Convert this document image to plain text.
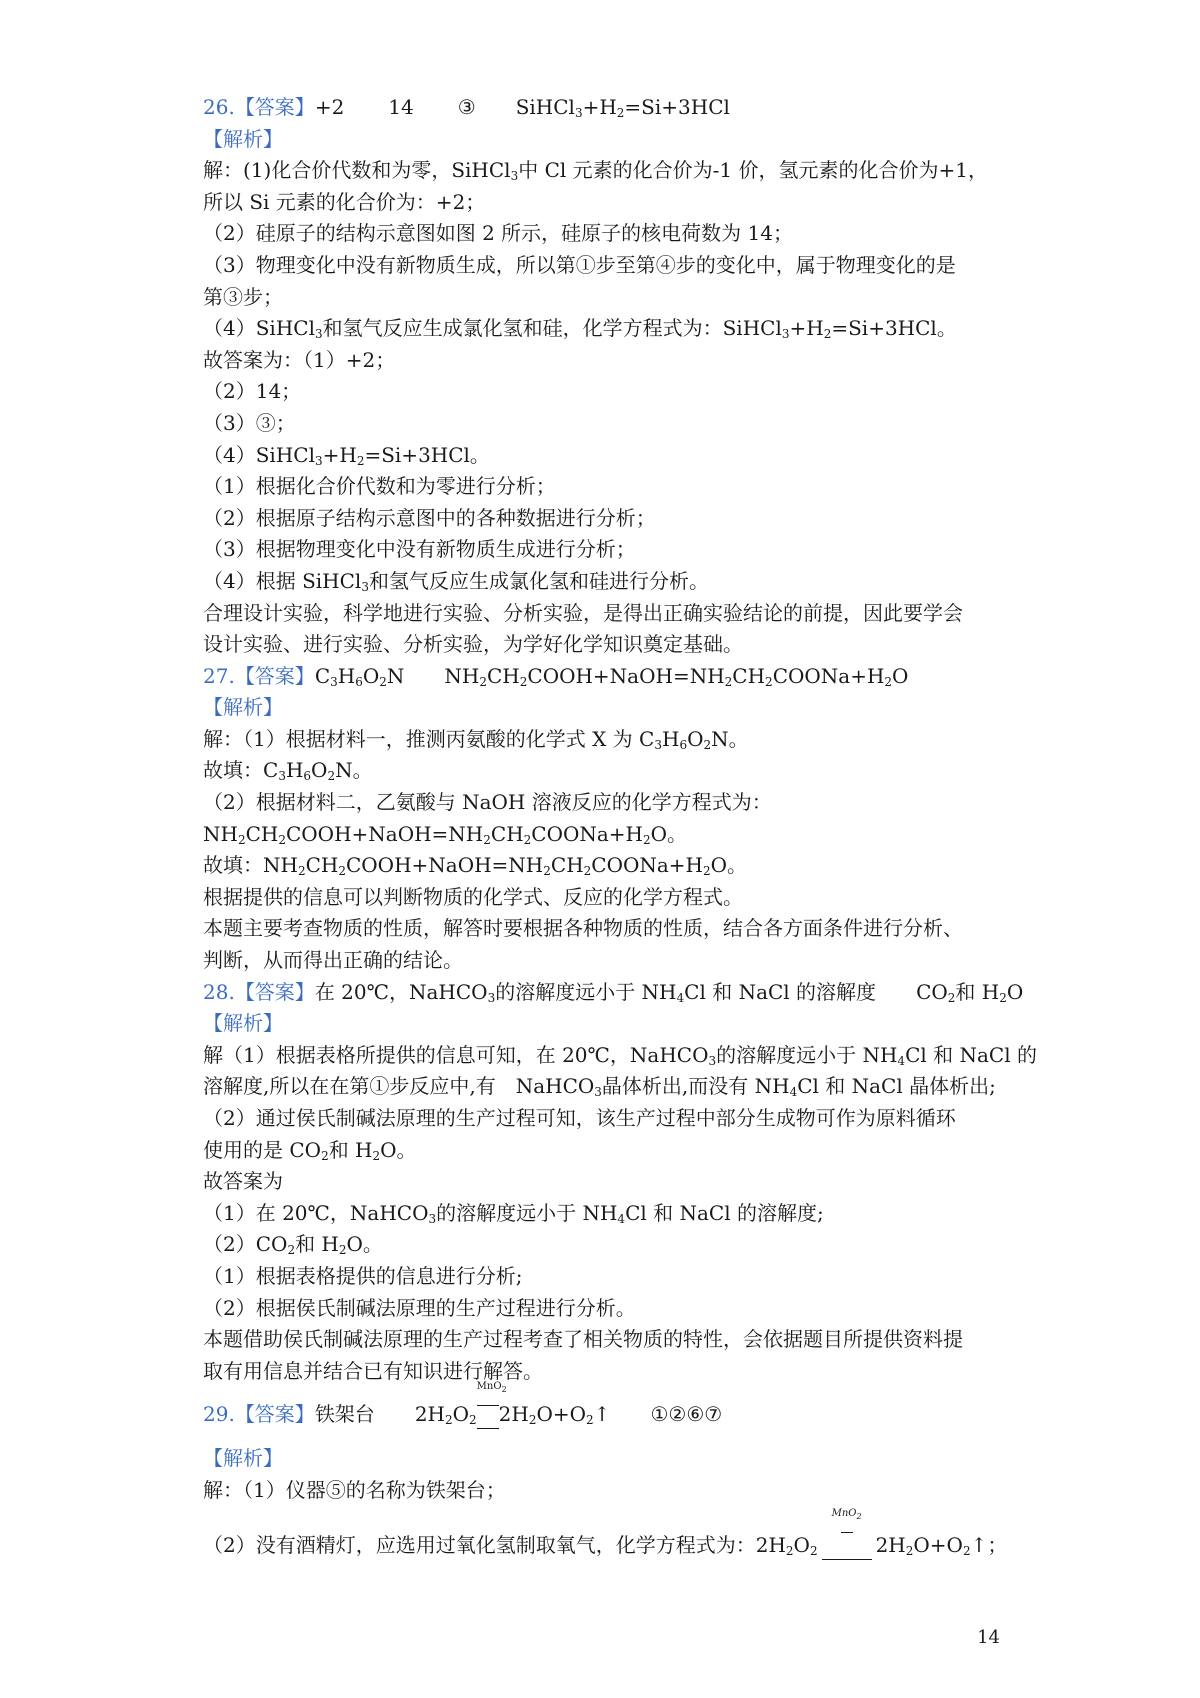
26.【答案】+2 14 ③ $SiHCl_3+H_2=Si+3HCl$
【解析】
解：(1)化合价代数和为零，SiHCl$_3$中 Cl 元素的化合价为-1 价，氢元素的化合价为+1，
所以 Si 元素的化合价为：+2；
（2）硅原子的结构示意图如图 2 所示，硅原子的核电荷数为 14；
（3）物理变化中没有新物质生成，所以第①步至第④步的变化中，属于物理变化的是
第③步；
（4）SiHCl$_3$和氢气反应生成氯化氢和硅，化学方程式为：$SiHCl_3+H_2=Si+3HCl$。
故答案为：（1）+2；
（2）14；
（3）③；
$(4)SiHCl_3+H_2=Si+3HCl$。
（1）根据化合价代数和为零进行分析；
（2）根据原子结构示意图中的各种数据进行分析；
（3）根据物理变化中没有新物质生成进行分析；
（4）根据 SiHCl$_3$和氢气反应生成氯化氢和硅进行分析。
合理设计实验，科学地进行实验、分析实验，是得出正确实验结论的前提，因此要学会
设计实验、进行实验、分析实验，为学好化学知识奠定基础。
27.【答案】$C_3H_6O_2N$ $NH_2CH_2COOH+NaOH=NH_2CH_2COONa+H_2O$
【解析】
解：（1）根据材料一，推测丙氨酸的化学式 X 为 $C_3H_6O_2N$。
故填：$C_3H_6O_2N$。
（2）根据材料二，乙氨酸与 NaOH 溶液反应的化学方程式为：
$NH_2CH_2COOH+NaOH=NH_2CH_2COONa+H_2O$。
故填：$NH_2CH_2COOH+NaOH=NH_2CH_2COONa+H_2O$。
根据提供的信息可以判断物质的化学式、反应的化学方程式。
本题主要考查物质的性质，解答时要根据各种物质的性质，结合各方面条件进行分析、
判断，从而得出正确的结论。
28.【答案】在 20℃，NaHCO$_3$的溶解度远小于 $NH_4Cl$ 和 NaCl 的溶解度 $CO_2$和 $H_2O$
【解析】
解（1）根据表格所提供的信息可知，在 20℃，NaHCO$_3$的溶解度远小于 $NH_4Cl$ 和 NaCl 的
溶解度,所以在在第①步反应中,有　NaHCO$_3$晶体析出,而没有 $NH_4Cl$ 和 NaCl 晶体析出;
（2）通过侯氏制碱法原理的生产过程可知，该生产过程中部分生成物可作为原料循环
使用的是 $CO_2$和 $H_2O$。
故答案为
（1）在 20℃，NaHCO$_3$的溶解度远小于 $NH_4Cl$ 和 NaCl 的溶解度;
$(2)CO_2$和 $H_2O$。
（1）根据表格提供的信息进行分析;
（2）根据侯氏制碱法原理的生产过程进行分析。
本题借助侯氏制碱法原理的生产过程考查了相关物质的特性，会依据题目所提供资料提
取有用信息并结合已有知识进行解答。
29.【答案】铁架台 $2H_2O_2$
MnO$_2$
$2H_2O+O_2↑$ ①②⑥⑦
【解析】
解：（1）仪器⑤的名称为铁架台；
（2）没有酒精灯，应选用过氧化氢制取氧气，化学方程式为：$2H_2O_2$
MnO$_2$
$2H_2O+O_2↑$；
14
